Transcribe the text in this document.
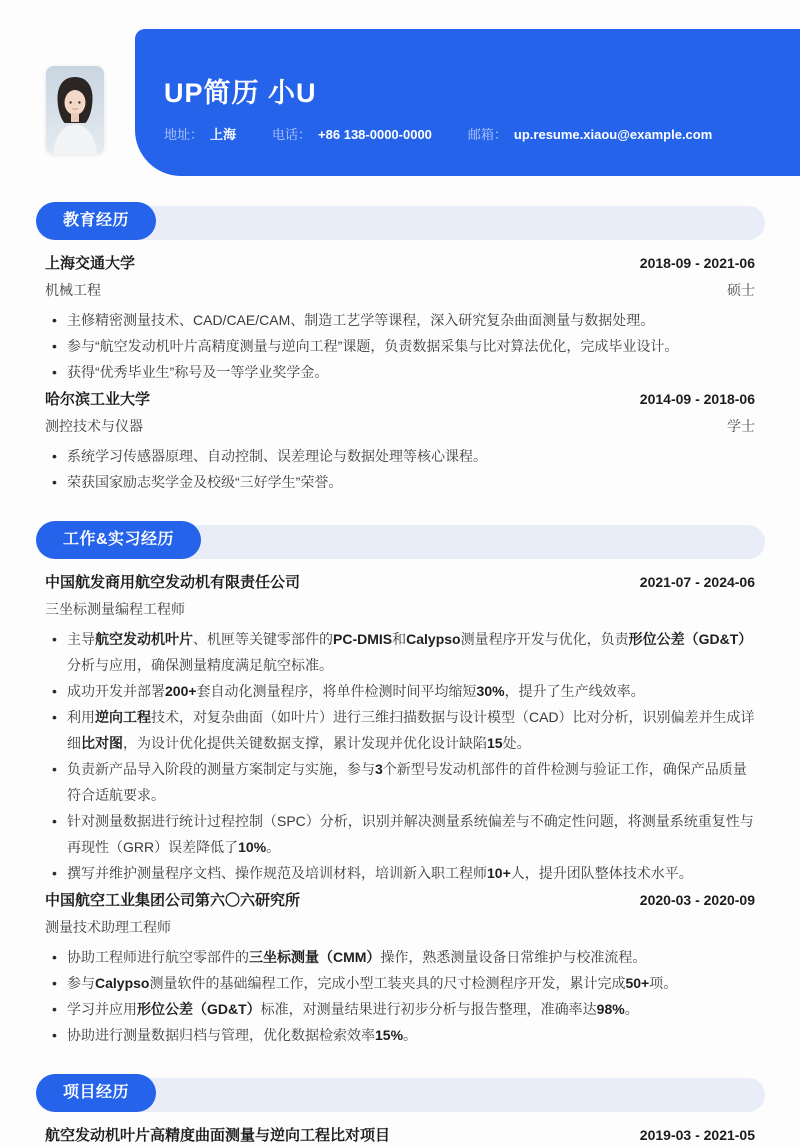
UP简历 小U
地址： 上海	电话： +86 138-0000-0000	邮箱： up.resume.xiaou@example.com
教育经历
上海交通大学	2018-09 - 2021-06
机械工程	硕士
• 主修精密测量技术、CAD/CAE/CAM、制造工艺学等课程，深入研究复杂曲面测量与数据处理。
• 参与“航空发动机叶片高精度测量与逆向工程”课题，负责数据采集与比对算法优化，完成毕业设计。
• 获得“优秀毕业生”称号及一等学业奖学金。
哈尔滨工业大学	2014-09 - 2018-06
测控技术与仪器	学士
• 系统学习传感器原理、自动控制、误差理论与数据处理等核心课程。
• 荣获国家励志奖学金及校级“三好学生”荣誉。
工作&实习经历
中国航发商用航空发动机有限责任公司	2021-07 - 2024-06
三坐标测量编程工程师
• 主导航空发动机叶片、机匣等关键零部件的PC-DMIS和Calypso测量程序开发与优化，负责形位公差（GD&T）分析与应用，确保测量精度满足航空标准。
• 成功开发并部署200+套自动化测量程序，将单件检测时间平均缩短30%，提升了生产线效率。
• 利用逆向工程技术，对复杂曲面（如叶片）进行三维扫描数据与设计模型（CAD）比对分析，识别偏差并生成详细比对图，为设计优化提供关键数据支撑，累计发现并优化设计缺陷15处。
• 负责新产品导入阶段的测量方案制定与实施，参与3个新型号发动机部件的首件检测与验证工作，确保产品质量符合适航要求。
• 针对测量数据进行统计过程控制（SPC）分析，识别并解决测量系统偏差与不确定性问题，将测量系统重复性与再现性（GRR）误差降低了10%。
• 撰写并维护测量程序文档、操作规范及培训材料，培训新入职工程师10+人，提升团队整体技术水平。
中国航空工业集团公司第六〇六研究所	2020-03 - 2020-09
测量技术助理工程师
• 协助工程师进行航空零部件的三坐标测量（CMM）操作，熟悉测量设备日常维护与校准流程。
• 参与Calypso测量软件的基础编程工作，完成小型工装夹具的尺寸检测程序开发，累计完成50+项。
• 学习并应用形位公差（GD&T）标准，对测量结果进行初步分析与报告整理，准确率达98%。
• 协助进行测量数据归档与管理，优化数据检索效率15%。
项目经历
航空发动机叶片高精度曲面测量与逆向工程比对项目	2019-03 - 2021-05
